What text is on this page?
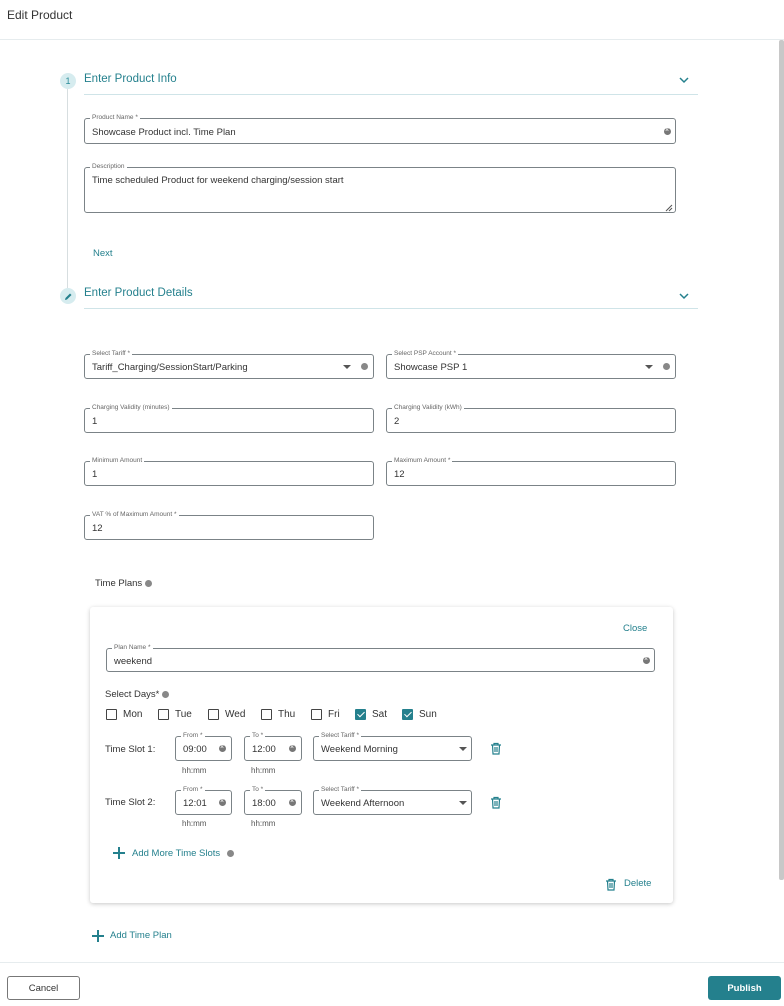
Edit Product
1 Enter Product Info
Product Name *
Showcase Product incl. Time Plan
×
Description
Time scheduled Product for weekend charging/session start
Next
Enter Product Details
Select Tariff *
Tariff_Charging/SessionStart/Parking
Select PSP Account *
Showcase PSP 1
Charging Validity (minutes)
1
Charging Validity (kWh)
2
Minimum Amount
1
Maximum Amount *
12
VAT % of Maximum Amount *
12
Time Plans
Close
Plan Name *
weekend
×
Select Days*
Mon	Tue	Wed	Thu	Fri	Sat	Sun
Time Slot 1:
From *
09:00
×
hh:mm
To *
12:00
×
hh:mm
Select Tariff *
Weekend Morning
Time Slot 2:
From *
12:01
×
hh:mm
To *
18:00
×
hh:mm
Select Tariff *
Weekend Afternoon
Add More Time Slots
Delete
Add Time Plan
Cancel	Publish
